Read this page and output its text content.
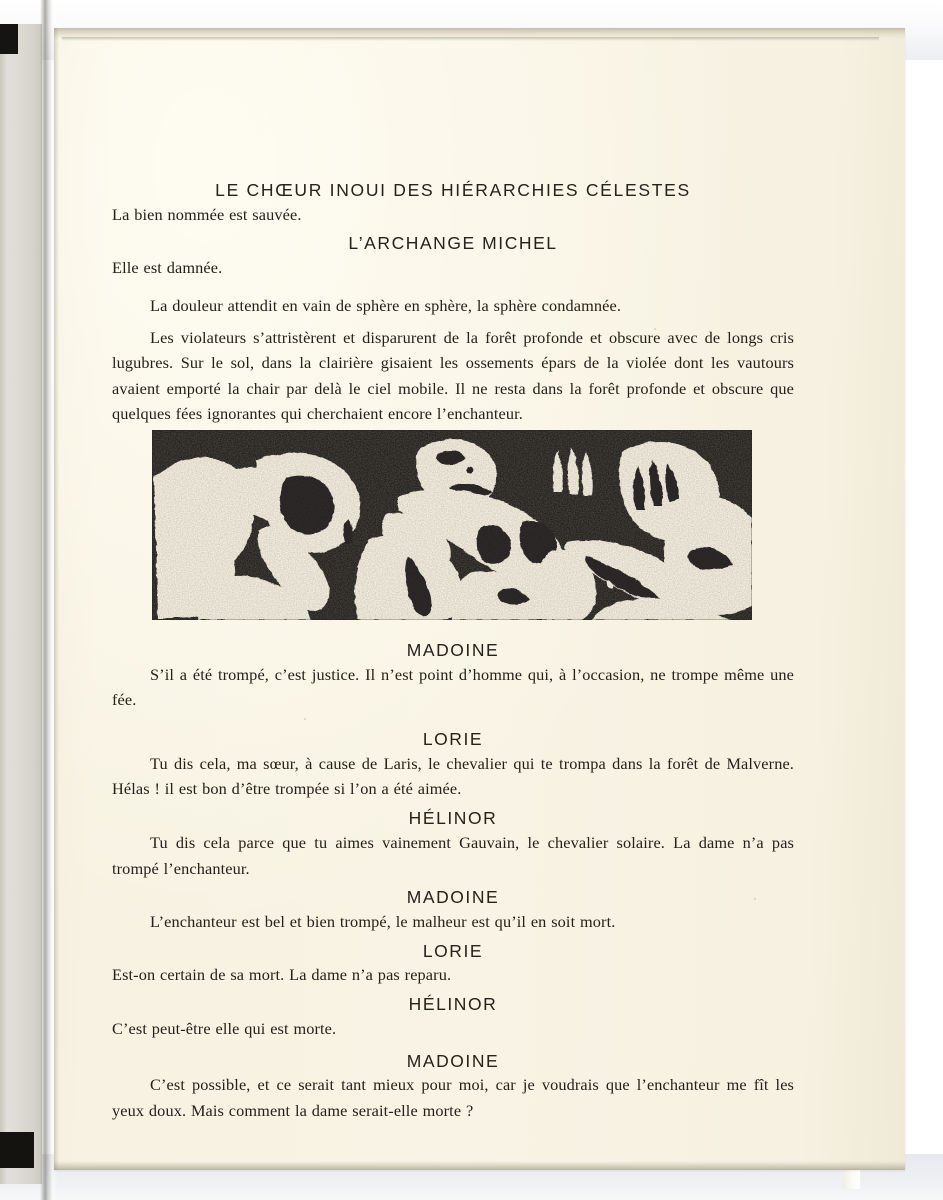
LE CHŒUR INOUI DES HIÉRARCHIES CÉLESTES

La bien nommée est sauvée.

L’ARCHANGE MICHEL

Elle est damnée.

La douleur attendit en vain de sphère en sphère, la sphère condamnée.

Les violateurs s’attristèrent et disparurent de la forêt profonde et obscure avec de longs cris lugubres. Sur le sol, dans la clairière gisaient les ossements épars de la violée dont les vautours avaient emporté la chair par delà le ciel mobile. Il ne resta dans la forêt profonde et obscure que quelques fées ignorantes qui cherchaient encore l’enchanteur.

MADOINE

S’il a été trompé, c’est justice. Il n’est point d’homme qui, à l’occasion, ne trompe même une fée.

LORIE

Tu dis cela, ma sœur, à cause de Laris, le chevalier qui te trompa dans la forêt de Malverne. Hélas ! il est bon d’être trompée si l’on a été aimée.

HÉLINOR

Tu dis cela parce que tu aimes vainement Gauvain, le chevalier solaire. La dame n’a pas trompé l’enchanteur.

MADOINE

L’enchanteur est bel et bien trompé, le malheur est qu’il en soit mort.

LORIE

Est-on certain de sa mort. La dame n’a pas reparu.

HÉLINOR

C’est peut-être elle qui est morte.

MADOINE

C’est possible, et ce serait tant mieux pour moi, car je voudrais que l’enchanteur me fît les yeux doux. Mais comment la dame serait-elle morte ?
